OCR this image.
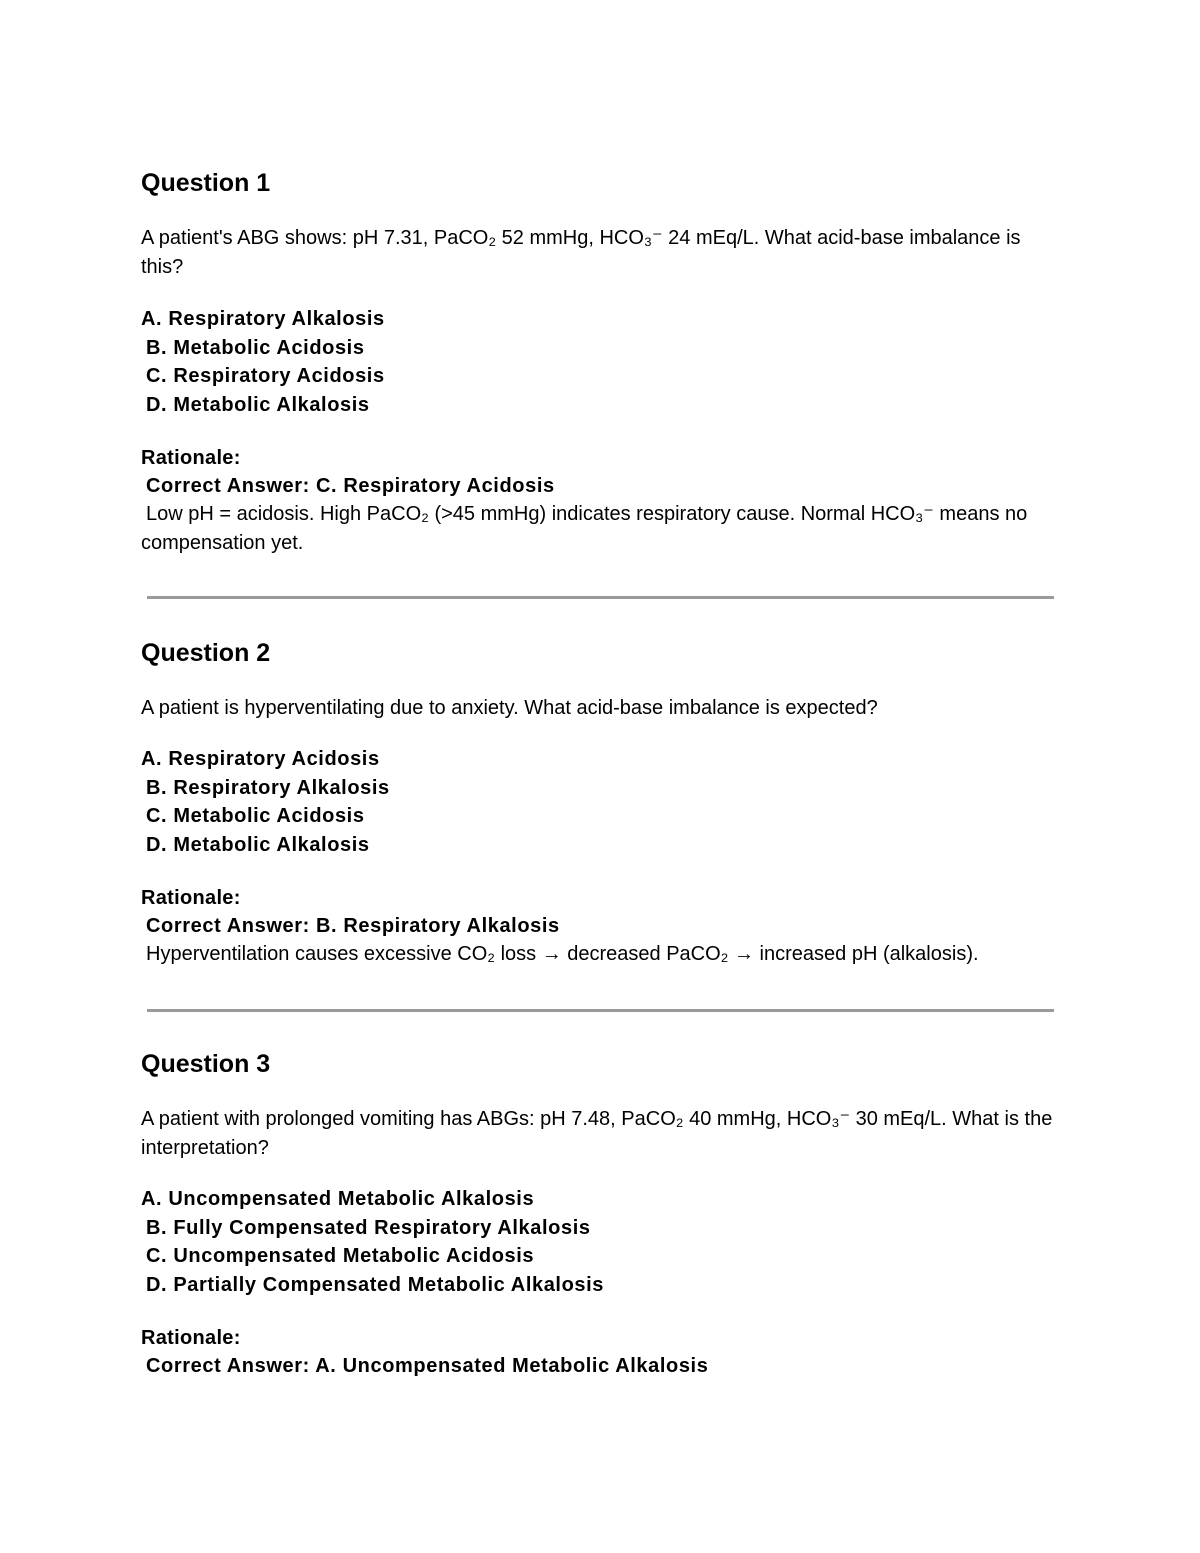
Question 1

A patient's ABG shows: pH 7.31, PaCO₂ 52 mmHg, HCO₃⁻ 24 mEq/L. What acid-base imbalance is this?

A. Respiratory Alkalosis
B. Metabolic Acidosis
C. Respiratory Acidosis
D. Metabolic Alkalosis

Rationale:

Correct Answer: C. Respiratory Acidosis

Low pH = acidosis. High PaCO₂ (>45 mmHg) indicates respiratory cause. Normal HCO₃⁻ means no compensation yet.

Question 2

A patient is hyperventilating due to anxiety. What acid-base imbalance is expected?

A. Respiratory Acidosis
B. Respiratory Alkalosis
C. Metabolic Acidosis
D. Metabolic Alkalosis

Rationale:

Correct Answer: B. Respiratory Alkalosis

Hyperventilation causes excessive CO₂ loss → decreased PaCO₂ → increased pH (alkalosis).

Question 3

A patient with prolonged vomiting has ABGs: pH 7.48, PaCO₂ 40 mmHg, HCO₃⁻ 30 mEq/L. What is the interpretation?

A. Uncompensated Metabolic Alkalosis
B. Fully Compensated Respiratory Alkalosis
C. Uncompensated Metabolic Acidosis
D. Partially Compensated Metabolic Alkalosis

Rationale:

Correct Answer: A. Uncompensated Metabolic Alkalosis
